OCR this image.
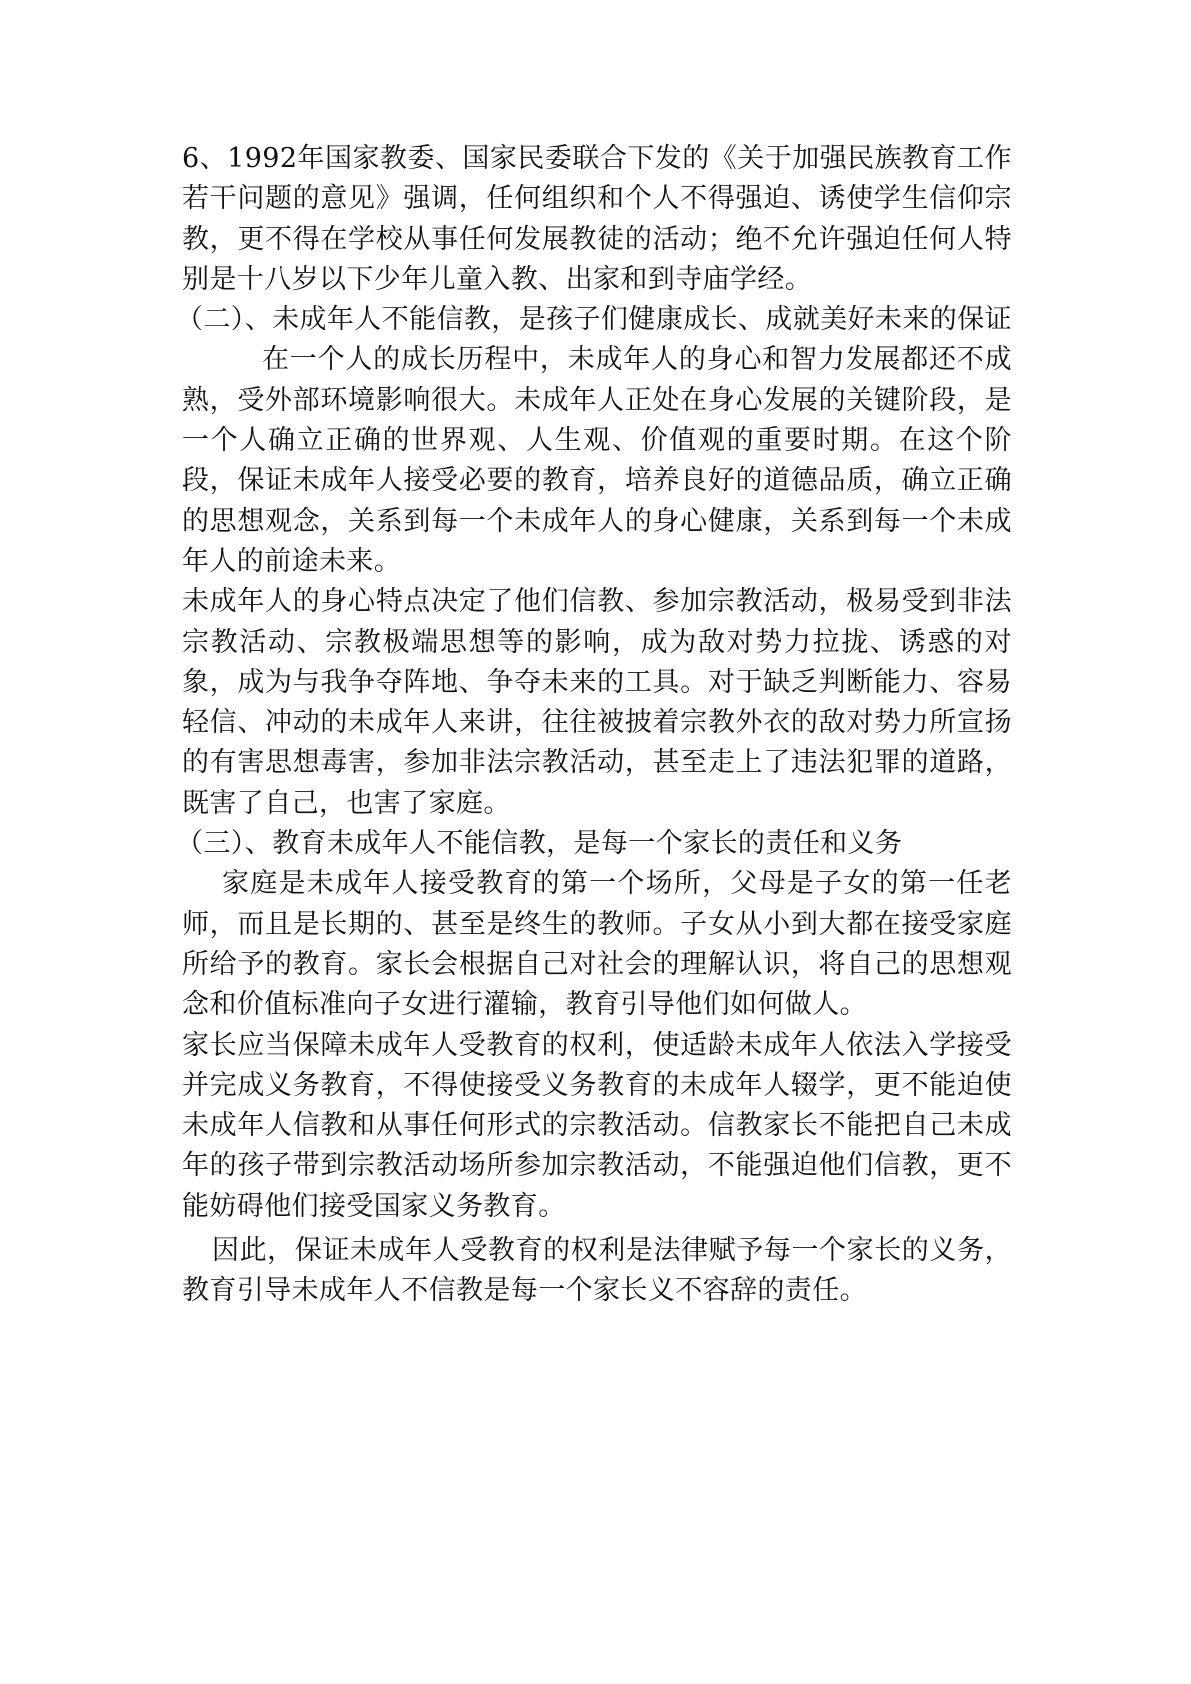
6、1992年国家教委、国家民委联合下发的《关于加强民族教育工作若干问题的意见》强调，任何组织和个人不得强迫、诱使学生信仰宗教，更不得在学校从事任何发展教徒的活动；绝不允许强迫任何人特别是十八岁以下少年儿童入教、出家和到寺庙学经。

（二）、未成年人不能信教，是孩子们健康成长、成就美好未来的保证

在一个人的成长历程中，未成年人的身心和智力发展都还不成熟，受外部环境影响很大。未成年人正处在身心发展的关键阶段，是一个人确立正确的世界观、人生观、价值观的重要时期。在这个阶段，保证未成年人接受必要的教育，培养良好的道德品质，确立正确的思想观念，关系到每一个未成年人的身心健康，关系到每一个未成年人的前途未来。

未成年人的身心特点决定了他们信教、参加宗教活动，极易受到非法宗教活动、宗教极端思想等的影响，成为敌对势力拉拢、诱惑的对象，成为与我争夺阵地、争夺未来的工具。对于缺乏判断能力、容易轻信、冲动的未成年人来讲，往往被披着宗教外衣的敌对势力所宣扬的有害思想毒害，参加非法宗教活动，甚至走上了违法犯罪的道路，既害了自己，也害了家庭。

（三）、教育未成年人不能信教，是每一个家长的责任和义务

家庭是未成年人接受教育的第一个场所，父母是子女的第一任老师，而且是长期的、甚至是终生的教师。子女从小到大都在接受家庭所给予的教育。家长会根据自己对社会的理解认识，将自己的思想观念和价值标准向子女进行灌输，教育引导他们如何做人。

家长应当保障未成年人受教育的权利，使适龄未成年人依法入学接受并完成义务教育，不得使接受义务教育的未成年人辍学，更不能迫使未成年人信教和从事任何形式的宗教活动。信教家长不能把自己未成年的孩子带到宗教活动场所参加宗教活动，不能强迫他们信教，更不能妨碍他们接受国家义务教育。

因此，保证未成年人受教育的权利是法律赋予每一个家长的义务，教育引导未成年人不信教是每一个家长义不容辞的责任。
